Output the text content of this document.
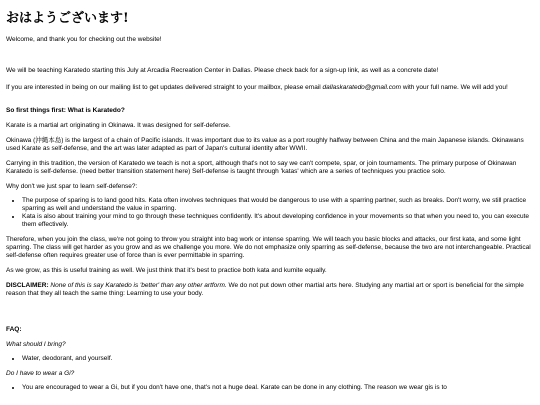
おはようございます!

Welcome, and thank you for checking out the website!

We will be teaching Karatedo starting this July at Arcadia Recreation Center in Dallas. Please check back for a sign-up link, as well as a concrete date!

If you are interested in being on our mailing list to get updates delivered straight to your mailbox, please email dallaskaratedo@gmail.com with your full name. We will add you!

So first things first: What is Karatedo?

Karate is a martial art originating in Okinawa. It was designed for self-defense.

Okinawa (沖縄本島) is the largest of a chain of Pacific islands. It was important due to its value as a port roughly halfway between China and the main Japanese islands. Okinawans used Karate as self-defense, and the art was later adapted as part of Japan's cultural identity after WWII.

Carrying in this tradition, the version of Karatedo we teach is not a sport, although that's not to say we can't compete, spar, or join tournaments. The primary purpose of Okinawan Karatedo is self-defense. (need better transition statement here) Self-defense is taught through 'katas' which are a series of techniques you practice solo.

Why don't we just spar to learn self-defense?:

• The purpose of sparing is to land good hits. Kata often involves techniques that would be dangerous to use with a sparring partner, such as breaks. Don't worry, we still practice sparring as well and understand the value in sparring.
• Kata is also about training your mind to go through these techniques confidently. It's about developing confidence in your movements so that when you need to, you can execute them effectively.

Therefore, when you join the class, we're not going to throw you straight into bag work or intense sparring. We will teach you basic blocks and attacks, our first kata, and some light sparring. The class will get harder as you grow and as we challenge you more. We do not emphasize only sparring as self-defense, because the two are not interchangeable. Practical self-defense often requires greater use of force than is ever permittable in sparring.

As we grow, as this is useful training as well. We just think that it's best to practice both kata and kumite equally.

DISCLAIMER: None of this is say Karatedo is 'better' than any other artform. We do not put down other martial arts here. Studying any martial art or sport is beneficial for the simple reason that they all teach the same thing: Learning to use your body.

FAQ:

What should I bring?

• Water, deodorant, and yourself.

Do I have to wear a Gi?

• You are encouraged to wear a Gi, but if you don't have one, that's not a huge deal. Karate can be done in any clothing. The reason we wear gis is to
